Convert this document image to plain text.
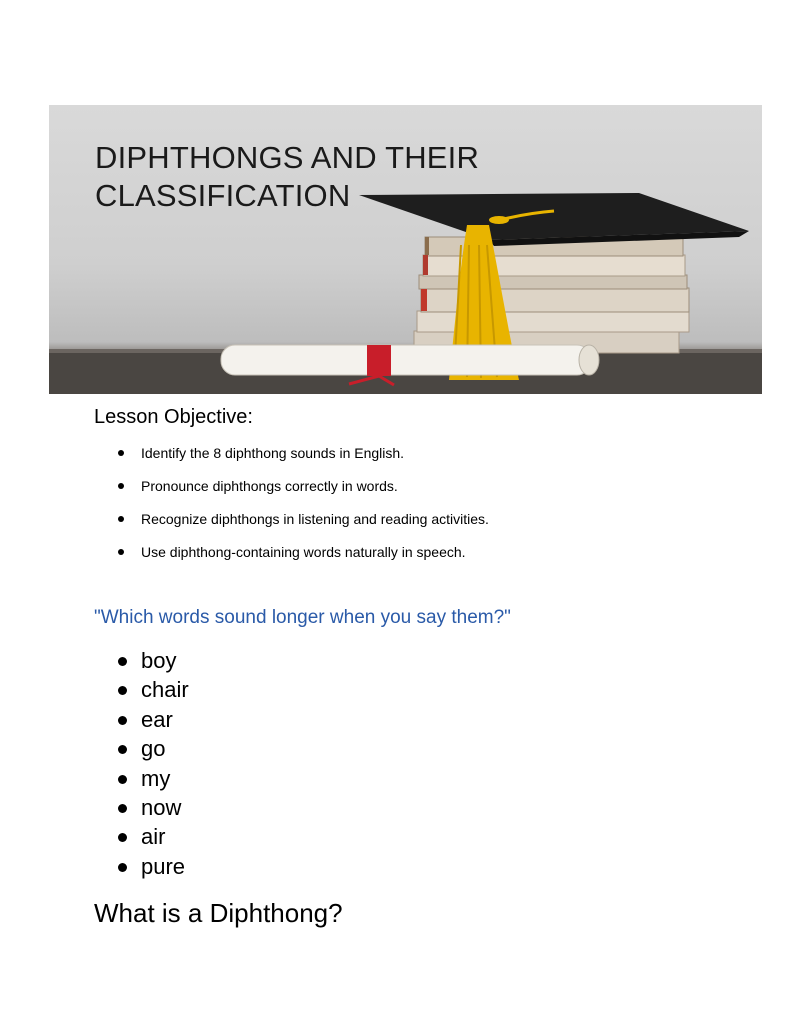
DIPHTHONGS AND THEIR CLASSIFICATION
Lesson Objective:
Identify the 8 diphthong sounds in English.
Pronounce diphthongs correctly in words.
Recognize diphthongs in listening and reading activities.
Use diphthong-containing words naturally in speech.

"Which words sound longer when you say them?"

boy
chair
ear
go
my
now
air
pure
What is a Diphthong?
